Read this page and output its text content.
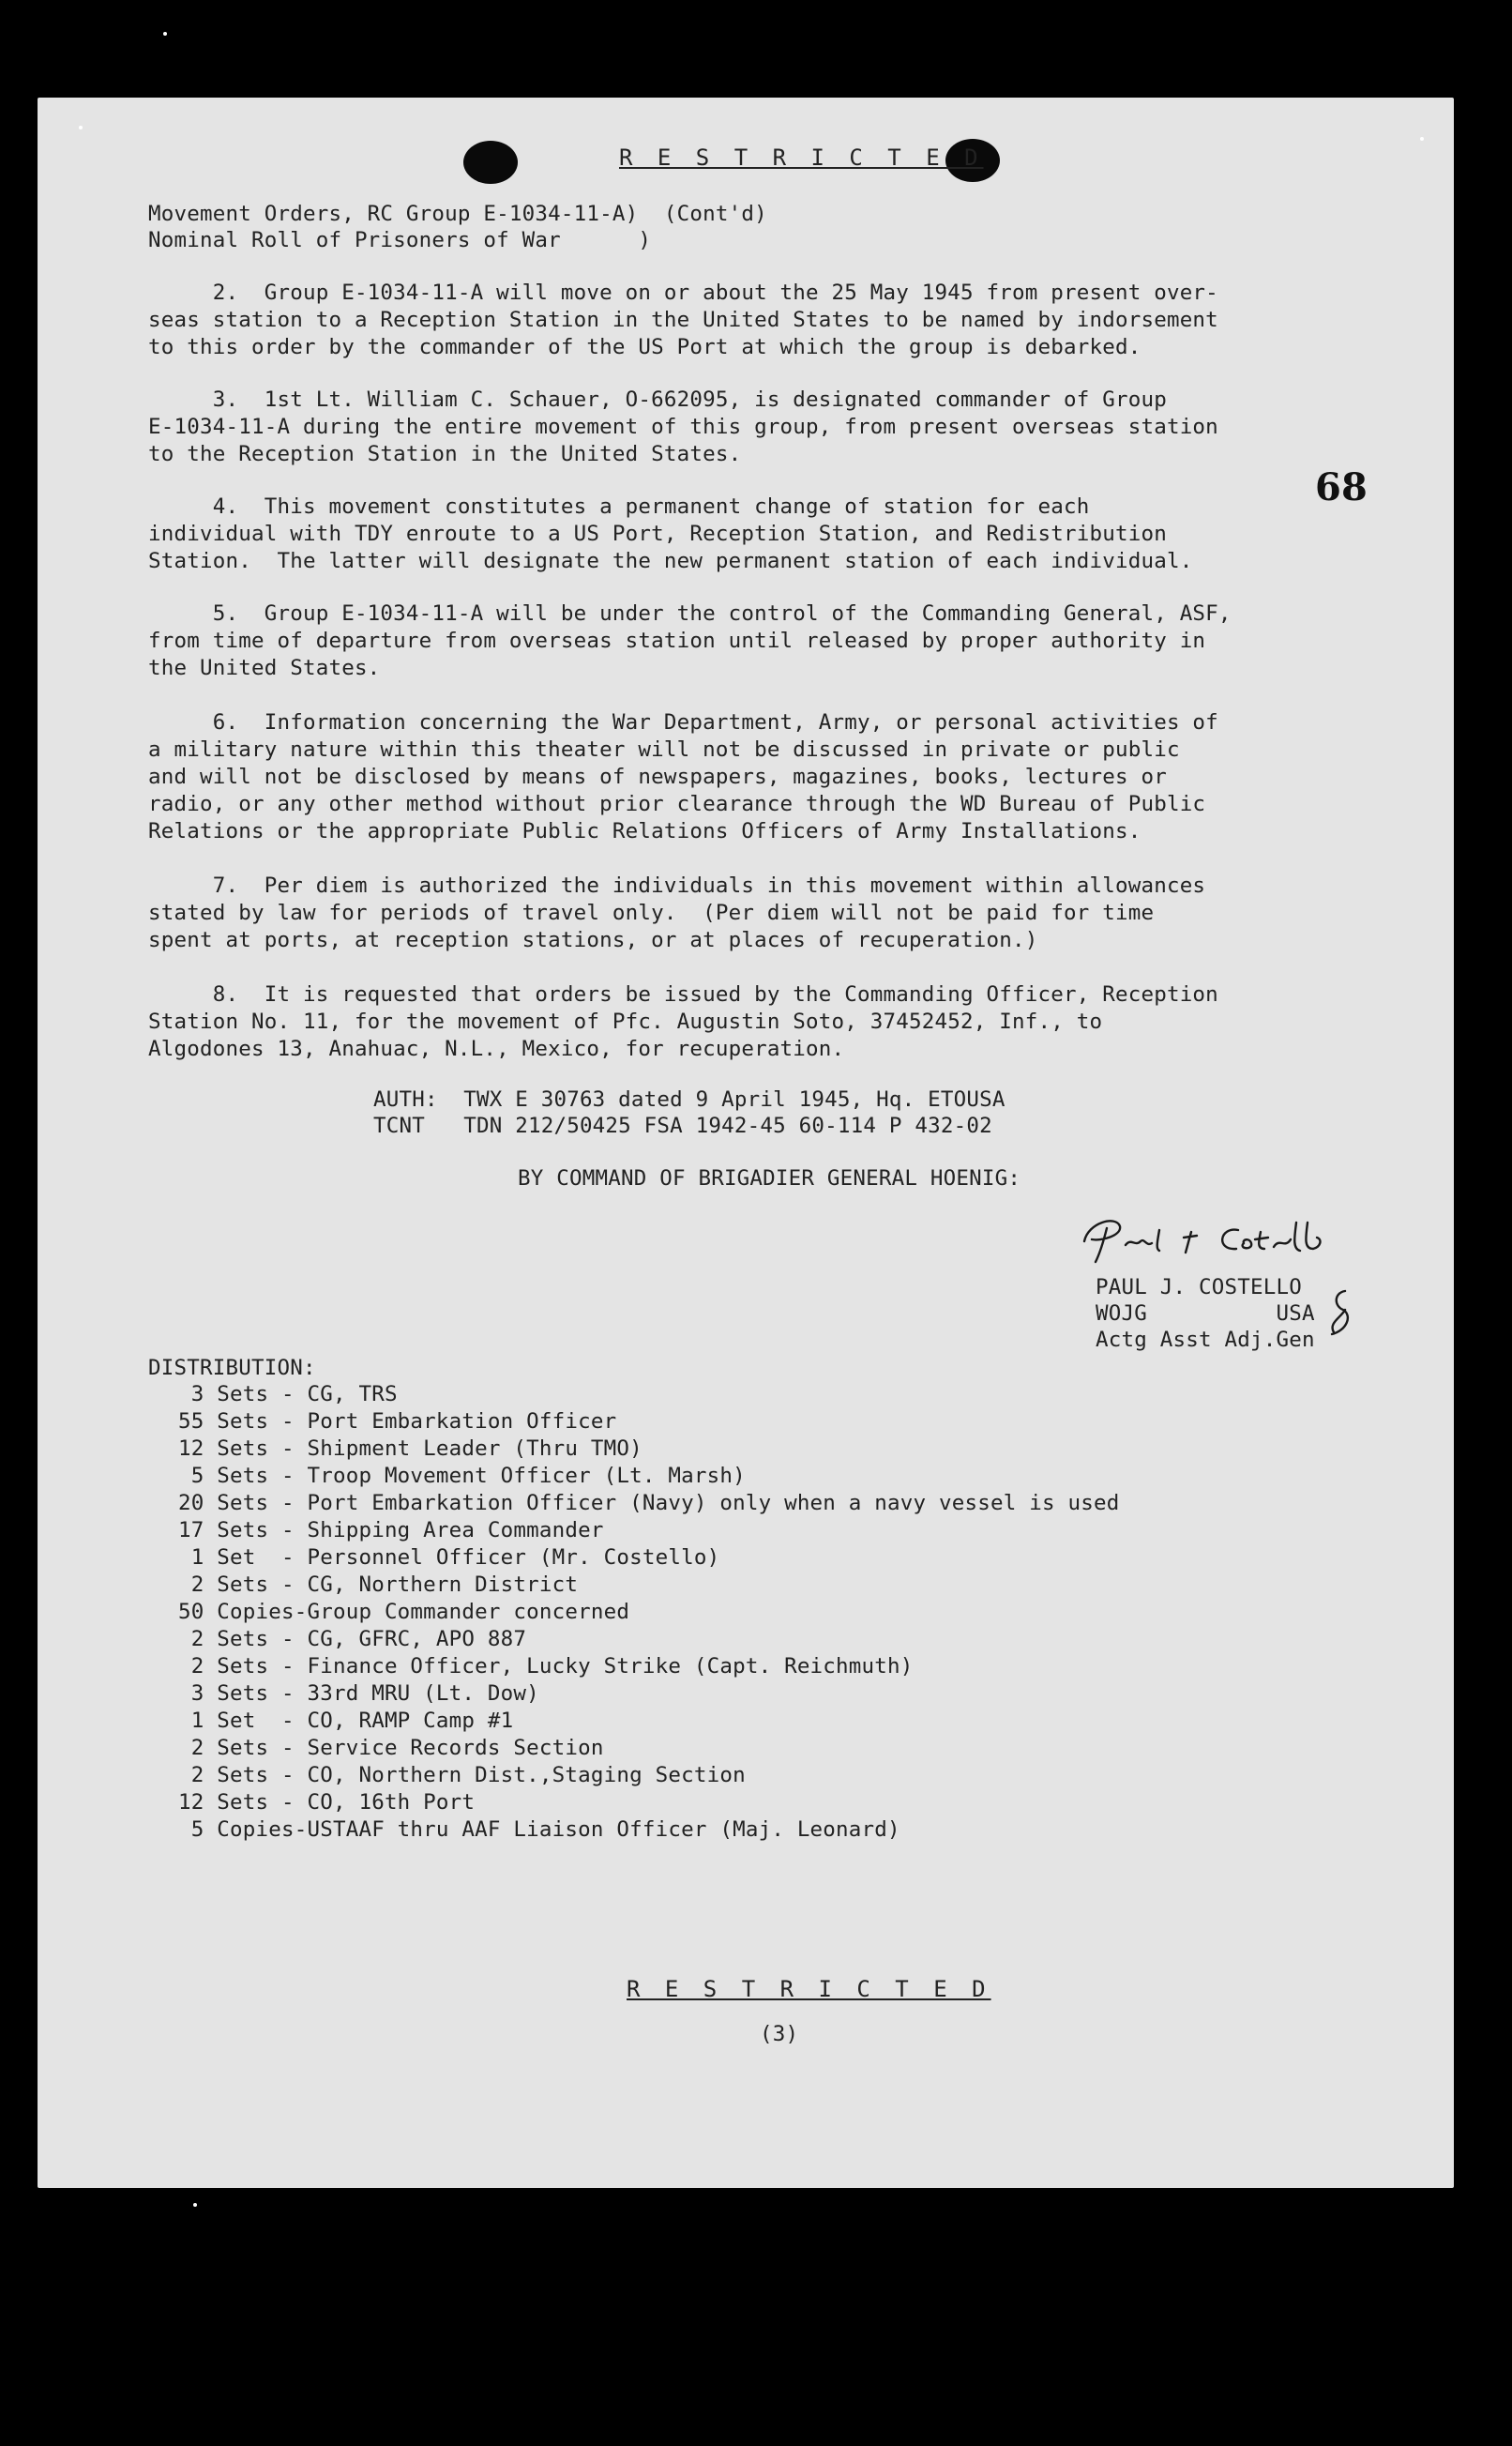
R E S T R I C T E D
68
Movement Orders, RC Group E-1034-11-A)  (Cont'd)
Nominal Roll of Prisoners of War      )
2.  Group E-1034-11-A will move on or about the 25 May 1945 from present over-
seas station to a Reception Station in the United States to be named by indorsement
to this order by the commander of the US Port at which the group is debarked.
3.  1st Lt. William C. Schauer, O-662095, is designated commander of Group
E-1034-11-A during the entire movement of this group, from present overseas station
to the Reception Station in the United States.
4.  This movement constitutes a permanent change of station for each
individual with TDY enroute to a US Port, Reception Station, and Redistribution
Station.  The latter will designate the new permanent station of each individual.
5.  Group E-1034-11-A will be under the control of the Commanding General, ASF,
from time of departure from overseas station until released by proper authority in
the United States.
6.  Information concerning the War Department, Army, or personal activities of
a military nature within this theater will not be discussed in private or public
and will not be disclosed by means of newspapers, magazines, books, lectures or
radio, or any other method without prior clearance through the WD Bureau of Public
Relations or the appropriate Public Relations Officers of Army Installations.
7.  Per diem is authorized the individuals in this movement within allowances
stated by law for periods of travel only.  (Per diem will not be paid for time
spent at ports, at reception stations, or at places of recuperation.)
8.  It is requested that orders be issued by the Commanding Officer, Reception
Station No. 11, for the movement of Pfc. Augustin Soto, 37452452, Inf., to
Algodones 13, Anahuac, N.L., Mexico, for recuperation.
AUTH:  TWX E 30763 dated 9 April 1945, Hq. ETOUSA
TCNT   TDN 212/50425 FSA 1942-45 60-114 P 432-02
BY COMMAND OF BRIGADIER GENERAL HOENIG:
PAUL J. COSTELLO
WOJG          USA
Actg Asst Adj.Gen
DISTRIBUTION:
3 Sets - CG, TRS
55 Sets - Port Embarkation Officer
12 Sets - Shipment Leader (Thru TMO)
5 Sets - Troop Movement Officer (Lt. Marsh)
20 Sets - Port Embarkation Officer (Navy) only when a navy vessel is used
17 Sets - Shipping Area Commander
1 Set  - Personnel Officer (Mr. Costello)
2 Sets - CG, Northern District
50 Copies-Group Commander concerned
2 Sets - CG, GFRC, APO 887
2 Sets - Finance Officer, Lucky Strike (Capt. Reichmuth)
3 Sets - 33rd MRU (Lt. Dow)
1 Set  - CO, RAMP Camp #1
2 Sets - Service Records Section
2 Sets - CO, Northern Dist.,Staging Section
12 Sets - CO, 16th Port
5 Copies-USTAAF thru AAF Liaison Officer (Maj. Leonard)
R E S T R I C T E D
(3)
